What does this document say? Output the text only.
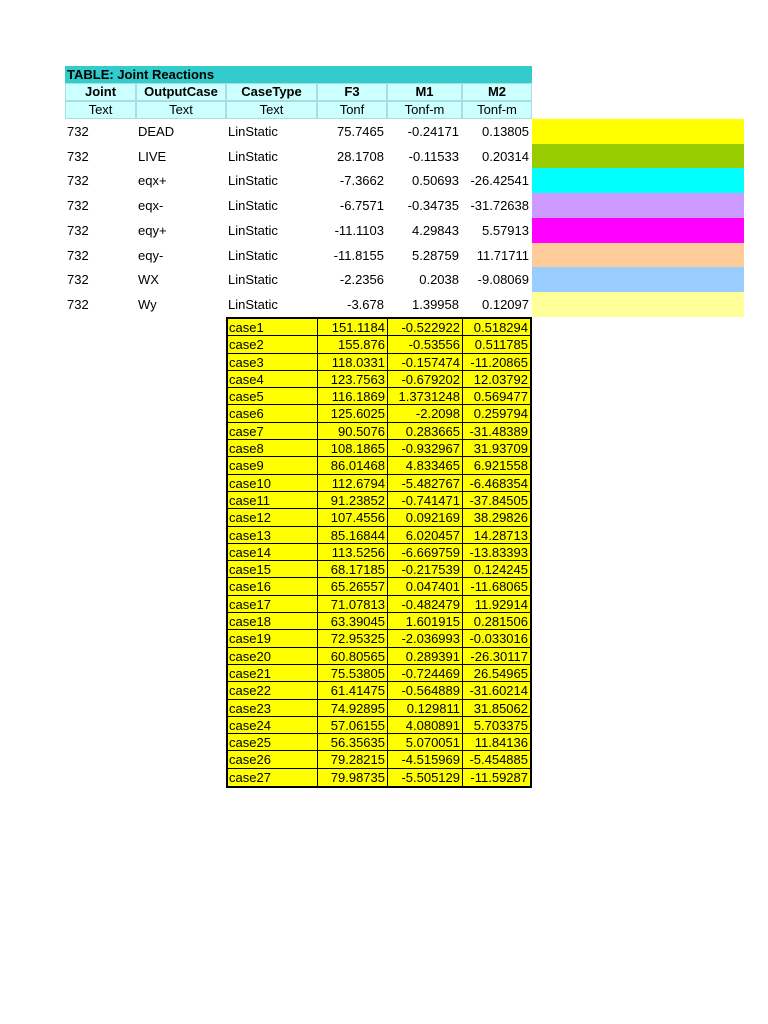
TABLE: Joint Reactions
Joint	OutputCase	CaseType	F3	M1	M2
Text	Text	Text	Tonf	Tonf-m	Tonf-m
732	DEAD	LinStatic	75.7465	-0.24171	0.13805
732	LIVE	LinStatic	28.1708	-0.11533	0.20314
732	eqx+	LinStatic	-7.3662	0.50693 -26.42541
732	eqx-	LinStatic	-6.7571	-0.34735 -31.72638
732	eqy+	LinStatic	-11.1103	4.29843	5.57913
732	eqy-	LinStatic	-11.8155	5.28759	11.71711
732	WX	LinStatic	-2.2356	0.2038	-9.08069
732	Wy	LinStatic	-3.678	1.39958	0.12097
case1	151.1184	-0.522922	0.518294
case2	155.876	-0.53556	0.511785
case3	118.0331	-0.157474 -11.20865
case4	123.7563	-0.679202	12.03792
case5	116.1869	1.3731248	0.569477
case6	125.6025	-2.2098	0.259794
case7	90.5076	0.283665 -31.48389
case8	108.1865	-0.932967	31.93709
case9	86.01468	4.833465	6.921558
case10	112.6794	-5.482767 -6.468354
case11	91.23852	-0.741471 -37.84505
case12	107.4556	0.092169	38.29826
case13	85.16844	6.020457	14.28713
case14	113.5256	-6.669759 -13.83393
case15	68.17185	-0.217539	0.124245
case16	65.26557	0.047401 -11.68065
case17	71.07813	-0.482479	11.92914
case18	63.39045	1.601915	0.281506
case19	72.95325	-2.036993 -0.033016
case20	60.80565	0.289391 -26.30117
case21	75.53805	-0.724469	26.54965
case22	61.41475	-0.564889 -31.60214
case23	74.92895	0.129811	31.85062
case24	57.06155	4.080891	5.703375
case25	56.35635	5.070051	11.84136
case26	79.28215	-4.515969 -5.454885
case27	79.98735	-5.505129 -11.59287
